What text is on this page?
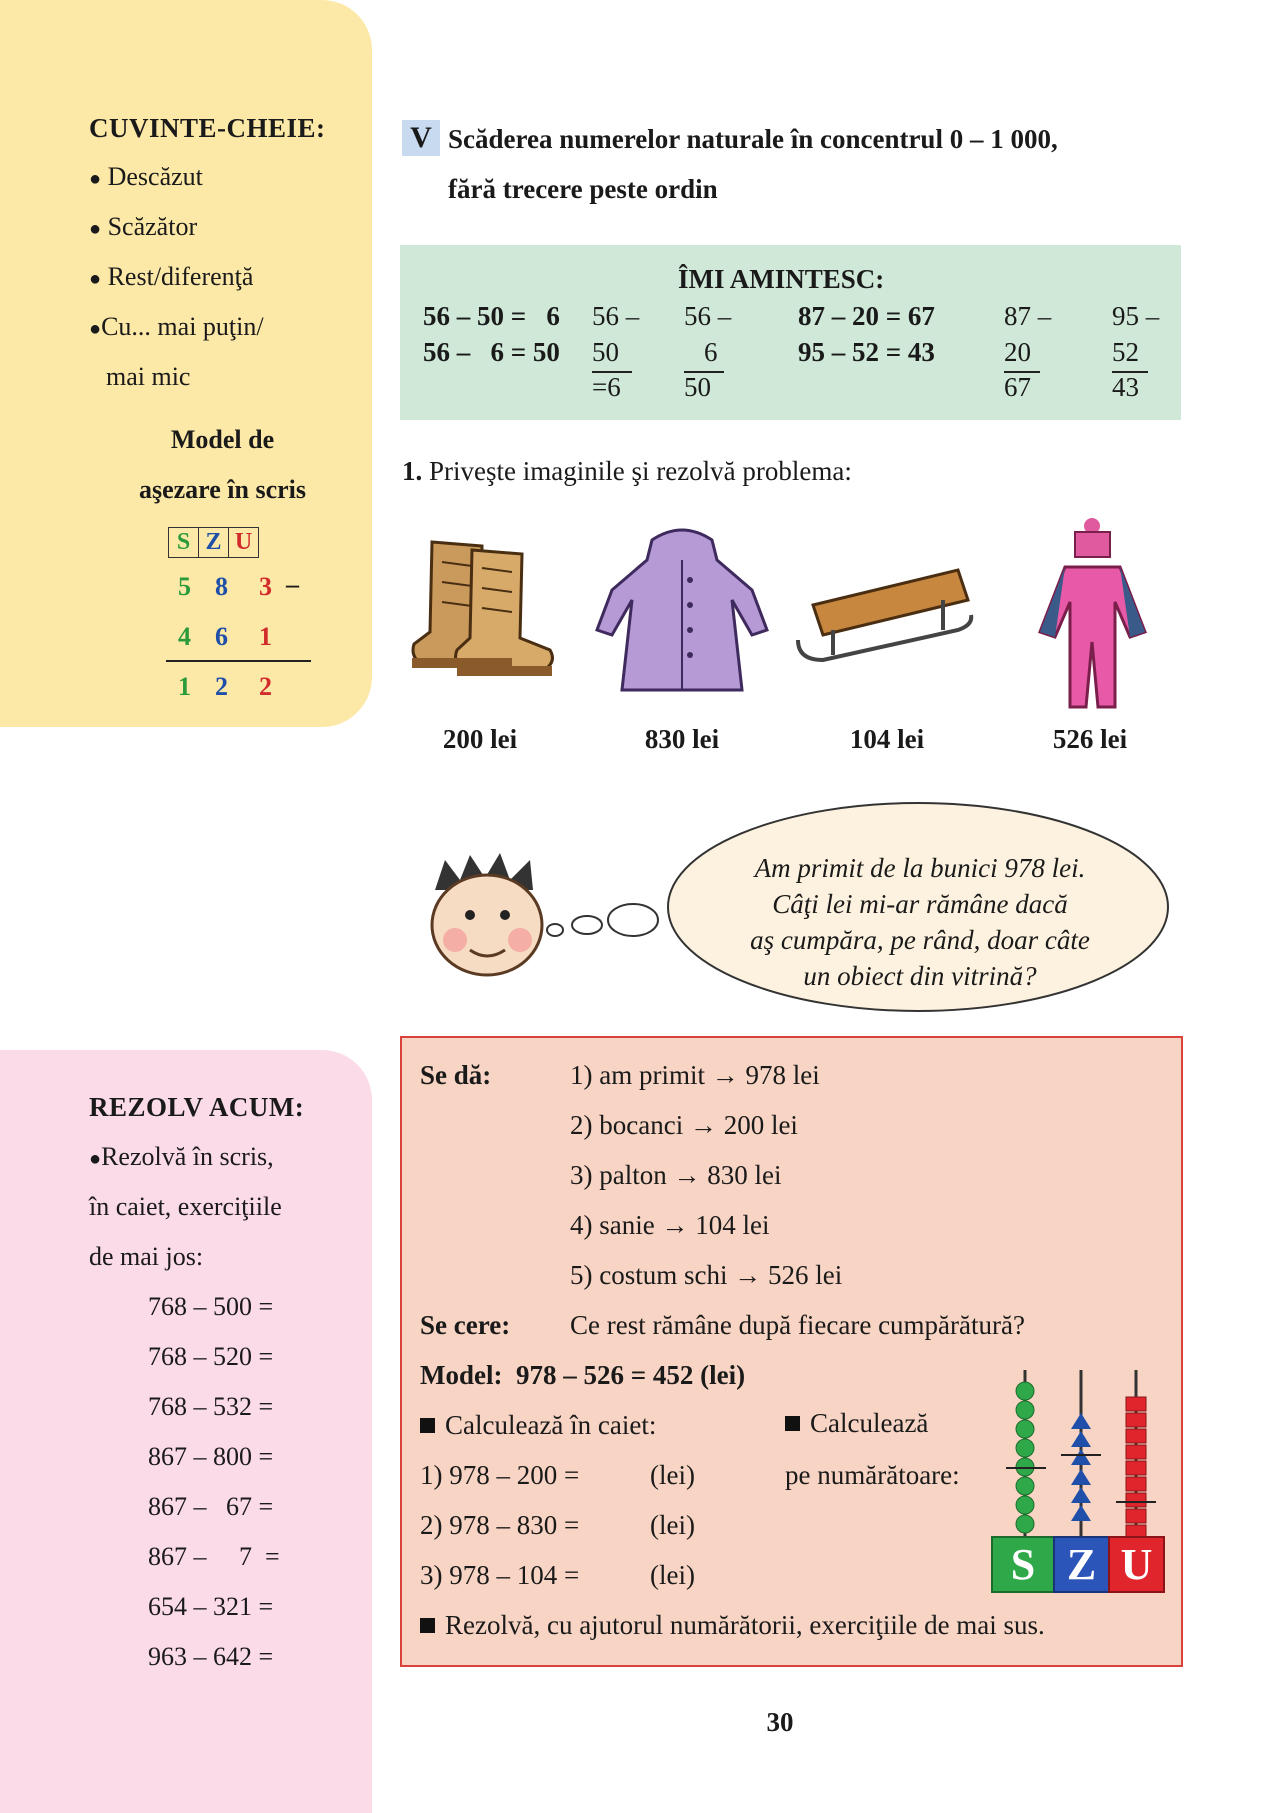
CUVINTE-CHEIE:
● Descăzut
● Scăzător
● Rest/diferenţă
●Cu... mai puţin/
mai mic
Model de
aşezare în scris
S	Z	U
5 8 3 –
4 6 1
1 2 2
REZOLV ACUM:
●Rezolvă în scris,
în caiet, exerciţiile
de mai jos:
768 – 500 =
768 – 520 =
768 – 532 =
867 – 800 =
867 –   67 =
867 –     7  =
654 – 321 =
963 – 642 =
V Scăderea numerelor naturale în concentrul 0 – 1 000,
fără trecere peste ordin
ÎMI AMINTESC:
56 – 50 =   6
56 –   6 = 50
56 –
50
=6
56 –
6
50
87 – 20 = 67
95 – 52 = 43
87 –
20
67
95 –
52
43
1. Priveşte imaginile şi rezolvă problema:
200 lei	830 lei	104 lei	526 lei
Am primit de la bunici 978 lei.
Câţi lei mi-ar rămâne dacă
aş cumpăra, pe rând, doar câte
un obiect din vitrină?
Se dă:	1) am primit → 978 lei
2) bocanci → 200 lei
3) palton → 830 lei
4) sanie → 104 lei
5) costum schi → 526 lei
Se cere: Ce rest rămâne după fiecare cumpărătură?
Model:  978 – 526 = 452 (lei)
Calculează în caiet:	Calculează
pe numărătoare:
1) 978 – 200 =	(lei)
2) 978 – 830 =	(lei)
3) 978 – 104 =	(lei)
Rezolvă, cu ajutorul numărătorii, exerciţiile de mai sus.
S Z U
30
